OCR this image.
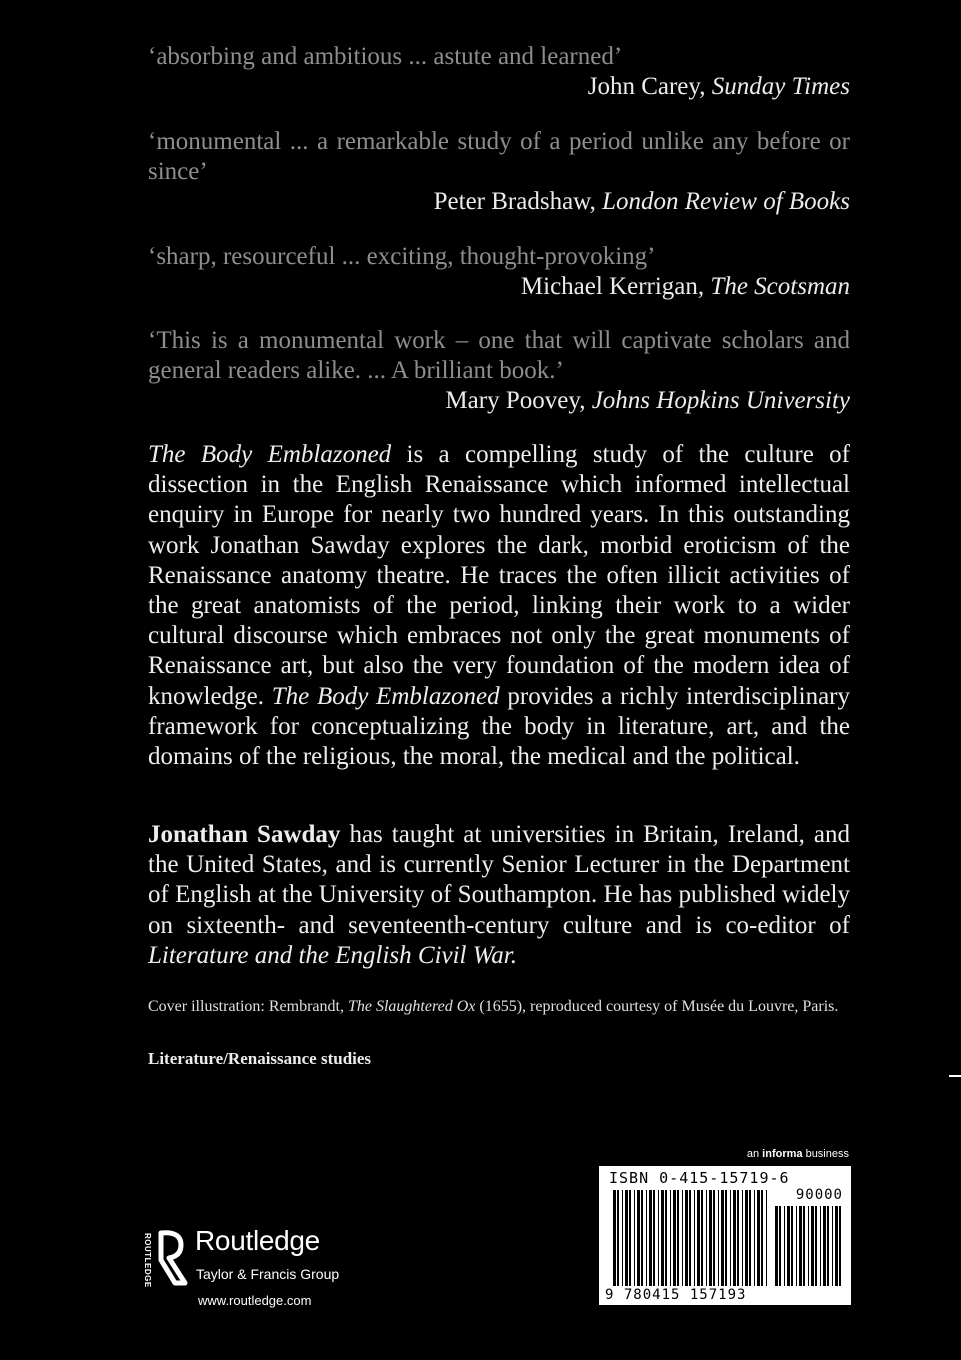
‘absorbing and ambitious ... astute and learned’

John Carey, Sunday Times

‘monumental ... a remarkable study of a period unlike any before or since’

Peter Bradshaw, London Review of Books

‘sharp, resourceful ... exciting, thought-provoking’

Michael Kerrigan, The Scotsman

‘This is a monumental work – one that will captivate scholars and general readers alike. ... A brilliant book.’

Mary Poovey, Johns Hopkins University

The Body Emblazoned is a compelling study of the culture of dissection in the English Renaissance which informed intellectual enquiry in Europe for nearly two hundred years. In this outstanding work Jonathan Sawday explores the dark, morbid eroticism of the Renaissance anatomy theatre. He traces the often illicit activities of the great anatomists of the period, linking their work to a wider cultural discourse which embraces not only the great monuments of Renaissance art, but also the very foundation of the modern idea of knowledge. The Body Emblazoned provides a richly interdisciplinary framework for conceptualizing the body in literature, art, and the domains of the religious, the moral, the medical and the political.

Jonathan Sawday has taught at universities in Britain, Ireland, and the United States, and is currently Senior Lecturer in the Department of English at the University of Southampton. He has published widely on sixteenth- and seventeenth-century culture and is co-editor of Literature and the English Civil War.

Cover illustration: Rembrandt, The Slaughtered Ox (1655), reproduced courtesy of Musée du Louvre, Paris.

Literature/Renaissance studies
an informa business
ISBN 0-415-15719-6
90000
9 780415 157193
ROUTLEDGE Routledge
Taylor & Francis Group
www.routledge.com
